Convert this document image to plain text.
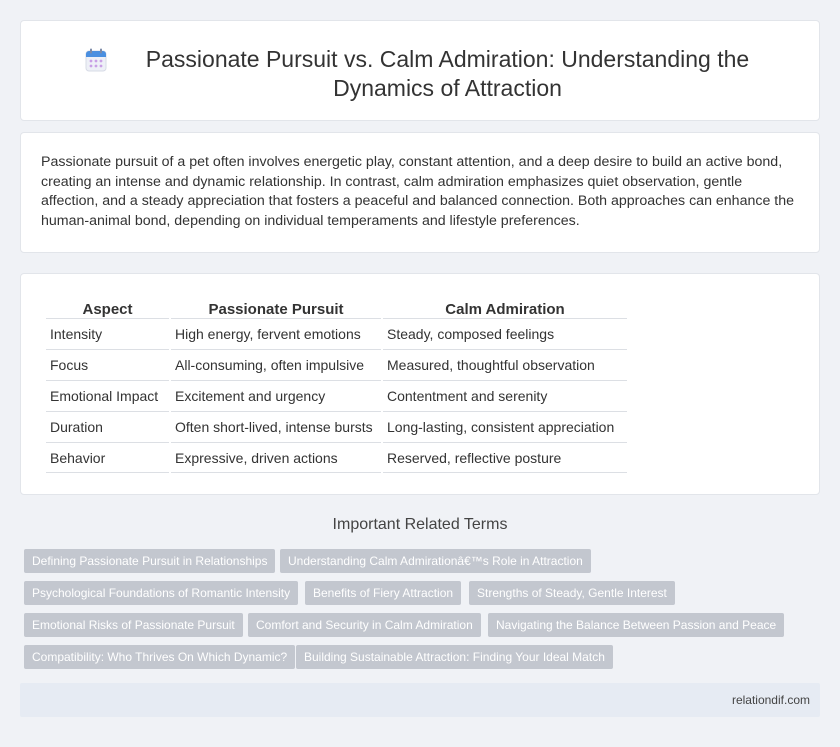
Passionate Pursuit vs. Calm Admiration: Understanding the Dynamics of Attraction

Passionate pursuit of a pet often involves energetic play, constant attention, and a deep desire to build an active bond, creating an intense and dynamic relationship. In contrast, calm admiration emphasizes quiet observation, gentle affection, and a steady appreciation that fosters a peaceful and balanced connection. Both approaches can enhance the human-animal bond, depending on individual temperaments and lifestyle preferences.

Aspect	Passionate Pursuit	Calm Admiration
Intensity	High energy, fervent emotions	Steady, composed feelings
Focus	All-consuming, often impulsive	Measured, thoughtful observation
Emotional Impact	Excitement and urgency	Contentment and serenity
Duration	Often short-lived, intense bursts	Long-lasting, consistent appreciation
Behavior	Expressive, driven actions	Reserved, reflective posture
Important Related Terms
Defining Passionate Pursuit in Relationships	Understanding Calm Admirationâ€™s Role in Attraction
Psychological Foundations of Romantic Intensity	Benefits of Fiery Attraction	Strengths of Steady, Gentle Interest
Emotional Risks of Passionate Pursuit	Comfort and Security in Calm Admiration	Navigating the Balance Between Passion and Peace
Compatibility: Who Thrives On Which Dynamic?	Building Sustainable Attraction: Finding Your Ideal Match
relationdif.com
